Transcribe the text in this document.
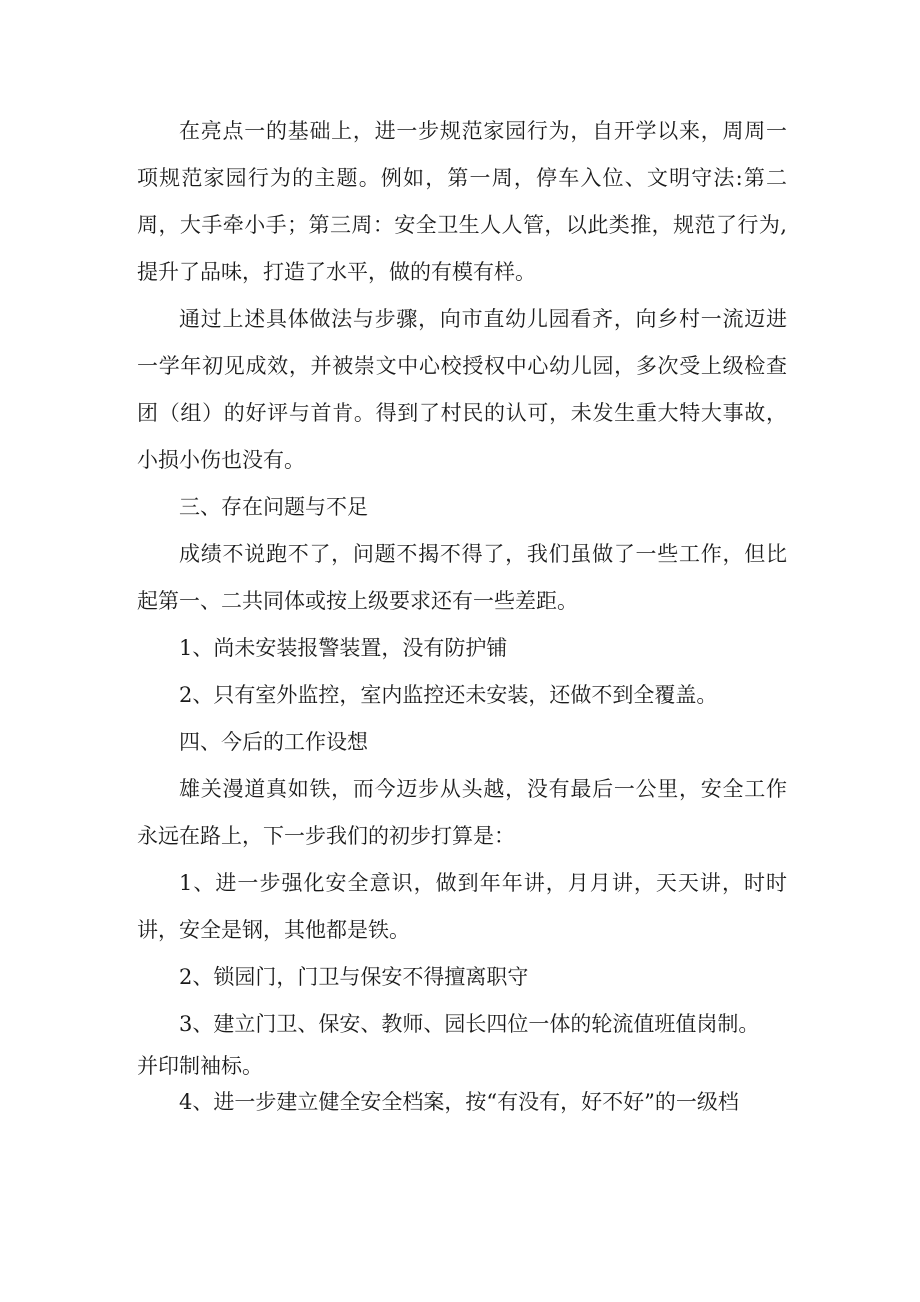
在亮点一的基础上，进一步规范家园行为，自开学以来，周周一项规范家园行为的主题。例如，第一周，停车入位、文明守法:第二周，大手牵小手；第三周：安全卫生人人管，以此类推，规范了行为,提升了品味，打造了水平，做的有模有样。

通过上述具体做法与步骤，向市直幼儿园看齐，向乡村一流迈进一学年初见成效，并被崇文中心校授权中心幼儿园，多次受上级检查团（组）的好评与首肯。得到了村民的认可，未发生重大特大事故，小损小伤也没有。

三、存在问题与不足

成绩不说跑不了，问题不揭不得了，我们虽做了一些工作，但比起第一、二共同体或按上级要求还有一些差距。

1、尚未安装报警装置，没有防护铺

2、只有室外监控，室内监控还未安装，还做不到全覆盖。

四、今后的工作设想

雄关漫道真如铁，而今迈步从头越，没有最后一公里，安全工作永远在路上，下一步我们的初步打算是：

1、进一步强化安全意识，做到年年讲，月月讲，天天讲，时时讲，安全是钢，其他都是铁。

2、锁园门，门卫与保安不得擅离职守

3、建立门卫、保安、教师、园长四位一体的轮流值班值岗制。

并印制袖标。

4、进一步建立健全安全档案，按“有没有，好不好”的一级档
